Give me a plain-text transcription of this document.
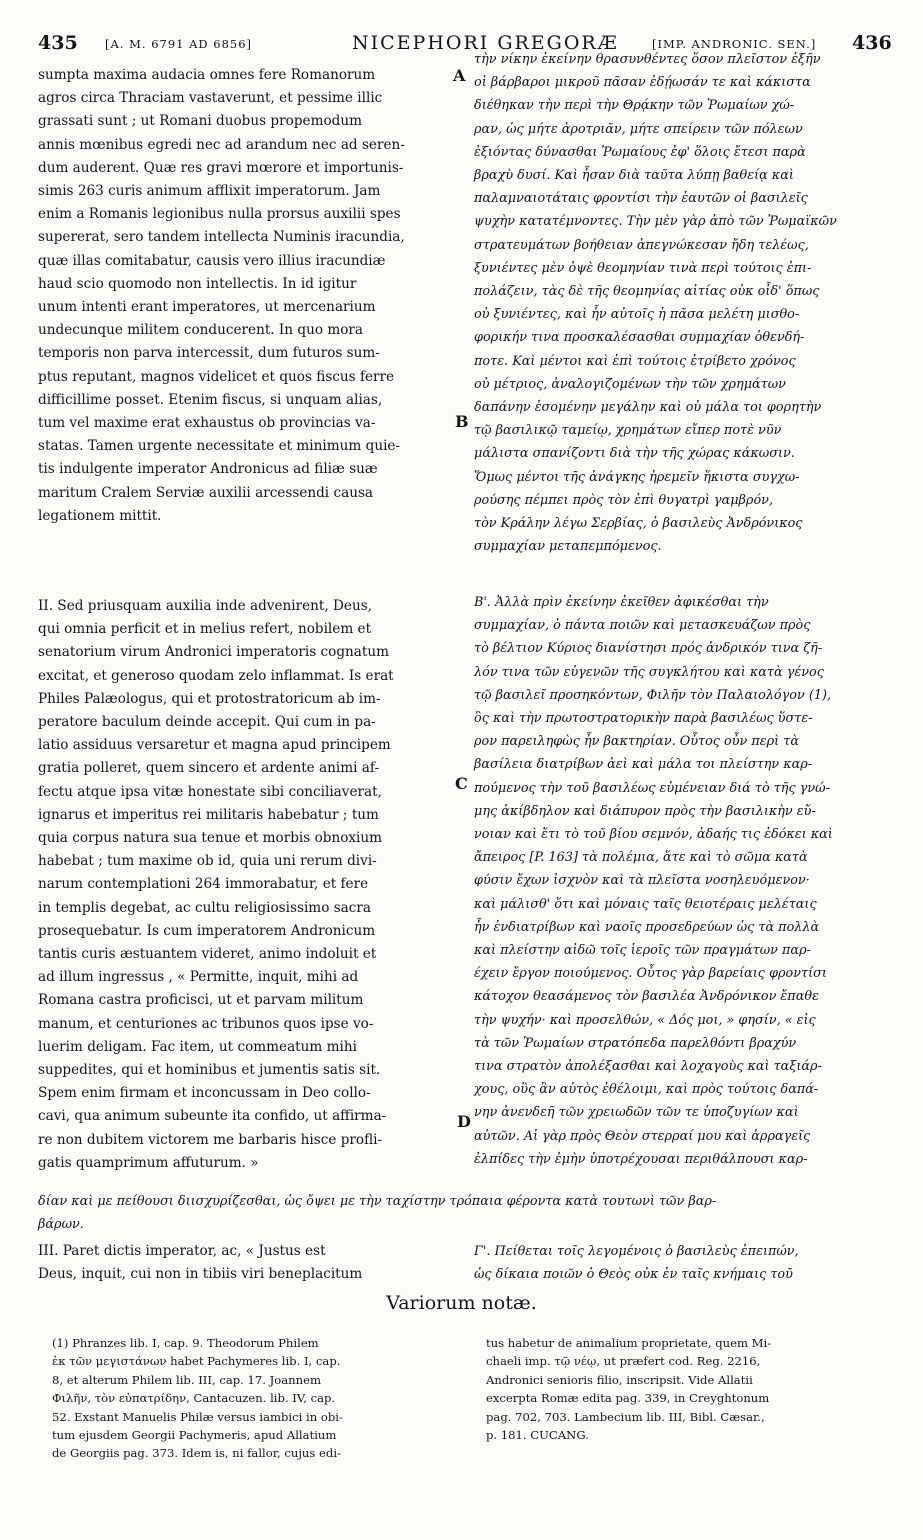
435 [A. M. 6791 AD 6856]	NICEPHORI GREGORÆ	[IMP. ANDRONIC. SEN.] 436
sumpta maxima audacia omnes fere Romanorum
agros circa Thraciam vastaverunt, et pessime illic
grassati sunt ; ut Romani duobus propemodum
annis mœnibus egredi nec ad arandum nec ad seren-
dum auderent. Quæ res gravi mœrore et importunis-
simis 263 curis animum afflixit imperatorum. Jam
enim a Romanis legionibus nulla prorsus auxilii spes
supererat, sero tandem intellecta Numinis iracundia,
quæ illas comitabatur, causis vero illius iracundiæ
haud scio quomodo non intellectis. In id igitur
unum intenti erant imperatores, ut mercenarium
undecunque militem conducerent. In quo mora
temporis non parva intercessit, dum futuros sum-
ptus reputant, magnos videlicet et quos fiscus ferre
difficillime posset. Etenim fiscus, si unquam alias,
tum vel maxime erat exhaustus ob provincias va-
statas. Tamen urgente necessitate et minimum quie-
tis indulgente imperator Andronicus ad filiæ suæ
maritum Cralem Serviæ auxilii arcessendi causa
legationem mittit.
II. Sed priusquam auxilia inde advenirent, Deus,
qui omnia perficit et in melius refert, nobilem et
senatorium virum Andronici imperatoris cognatum
excitat, et generoso quodam zelo inflammat. Is erat
Philes Palæologus, qui et protostratoricum ab im-
peratore baculum deinde accepit. Qui cum in pa-
latio assiduus versaretur et magna apud principem
gratia polleret, quem sincero et ardente animi af-
fectu atque ipsa vitæ honestate sibi conciliaverat,
ignarus et imperitus rei militaris habebatur ; tum
quia corpus natura sua tenue et morbis obnoxium
habebat ; tum maxime ob id, quia uni rerum divi-
narum contemplationi 264 immorabatur, et fere
in templis degebat, ac cultu religiosissimo sacra
prosequebatur. Is cum imperatorem Andronicum
tantis curis æstuantem videret, animo indoluit et
ad illum ingressus , « Permitte, inquit, mihi ad
Romana castra proficisci, ut et parvam militum
manum, et centuriones ac tribunos quos ipse vo-
luerim deligam. Fac item, ut commeatum mihi
suppedites, qui et hominibus et jumentis satis sit.
Spem enim firmam et inconcussam in Deo collo-
cavi, qua animum subeunte ita confido, ut affirma-
re non dubitem victorem me barbaris hisce profli-
gatis quamprimum affuturum. »
III. Paret dictis imperator, ac, « Justus est
Deus, inquit, cui non in tibiis viri beneplacitum
τὴν νίκην ἐκείνην θρασυνθέντες ὅσον πλεῖστον ἐξῆν
οἱ βάρβαροι μικροῦ πᾶσαν ἐδῄωσάν τε καὶ κάκιστα
διέθηκαν τὴν περὶ τὴν Θρᾴκην τῶν Ῥωμαίων χώ-
ραν, ὡς μήτε ἀροτριᾶν, μήτε σπείρειν τῶν πόλεων
ἐξιόντας δύνασθαι Ῥωμαίους ἐφ' ὅλοις ἔτεσι παρὰ
βραχὺ δυσί. Καὶ ἦσαν διὰ ταῦτα λύπῃ βαθείᾳ καὶ
παλαμναιοτάταις φροντίσι τὴν ἑαυτῶν οἱ βασιλεῖς
ψυχὴν κατατέμνοντες. Τὴν μὲν γὰρ ἀπὸ τῶν Ῥωμαϊκῶν
στρατευμάτων βοήθειαν ἀπεγνώκεσαν ἤδη τελέως,
ξυνιέντες μὲν ὀψὲ θεομηνίαν τινὰ περὶ τούτοις ἐπι-
πολάζειν, τὰς δὲ τῆς θεομηνίας αἰτίας οὐκ οἶδ' ὅπως
οὐ ξυνιέντες, καὶ ἦν αὐτοῖς ἡ πᾶσα μελέτη μισθο-
φορικήν τινα προσκαλέσασθαι συμμαχίαν ὁθενδή-
ποτε. Καὶ μέντοι καὶ ἐπὶ τούτοις ἐτρίβετο χρόνος
οὐ μέτριος, ἀναλογιζομένων τὴν τῶν χρημάτων
δαπάνην ἐσομένην μεγάλην καὶ οὐ μάλα τοι φορητὴν
τῷ βασιλικῷ ταμείῳ, χρημάτων εἴπερ ποτὲ νῦν
μάλιστα σπανίζοντι διὰ τὴν τῆς χώρας κάκωσιν.
Ὅμως μέντοι τῆς ἀνάγκης ἠρεμεῖν ἥκιστα συγχω-
ρούσης πέμπει πρὸς τὸν ἐπὶ θυγατρὶ γαμβρόν,
τὸν Κράλην λέγω Σερβίας, ὁ βασιλεὺς Ἀνδρόνικος
συμμαχίαν μεταπεμπόμενος.
Β'. Ἀλλὰ πρὶν ἐκείνην ἐκεῖθεν ἀφικέσθαι τὴν
συμμαχίαν, ὁ πάντα ποιῶν καὶ μετασκευάζων πρὸς
τὸ βέλτιον Κύριος διανίστησι πρός ἀνδρικόν τινα ζῆ-
λόν τινα τῶν εὐγενῶν τῆς συγκλήτου καὶ κατὰ γένος
τῷ βασιλεῖ προσηκόντων, Φιλῆν τὸν Παλαιολόγον (1),
ὃς καὶ τὴν πρωτοστρατορικὴν παρὰ βασιλέως ὕστε-
ρον παρειληφὼς ἦν βακτηρίαν. Οὗτος οὖν περὶ τὰ
βασίλεια διατρίβων ἀεὶ καὶ μάλα τοι πλείστην καρ-
πούμενος τὴν τοῦ βασιλέως εὐμένειαν διά τὸ τῆς γνώ-
μης ἀκίβδηλον καὶ διάπυρον πρὸς τὴν βασιλικὴν εὔ-
νοιαν καὶ ἔτι τὸ τοῦ βίου σεμνόν, ἀδαής τις ἐδόκει καὶ
ἄπειρος [P. 163] τὰ πολέμια, ἅτε καὶ τὸ σῶμα κατὰ
φύσιν ἔχων ἰσχνὸν καὶ τὰ πλεῖστα νοσηλευόμενον·
καὶ μάλισθ' ὅτι καὶ μόναις ταῖς θειοτέραις μελέταις
ἦν ἐνδιατρίβων καὶ ναοῖς προσεδρεύων ὡς τὰ πολλὰ
καὶ πλείστην αἰδῶ τοῖς ἱεροῖς τῶν πραγμάτων παρ-
έχειν ἔργον ποιούμενος. Οὗτος γὰρ βαρείαις φροντίσι
κάτοχον θεασάμενος τὸν βασιλέα Ἀνδρόνικον ἔπαθε
τὴν ψυχήν· καὶ προσελθών, « Δός μοι, » φησίν, « εἰς
τὰ τῶν Ῥωμαίων στρατόπεδα παρελθόντι βραχύν
τινα στρατὸν ἀπολέξασθαι καὶ λοχαγοὺς καὶ ταξιάρ-
χους, οὓς ἂν αὐτὸς ἐθέλοιμι, καὶ πρὸς τούτοις δαπά-
νην ἀνενδεῆ τῶν χρειωδῶν τῶν τε ὑποζυγίων καὶ
αὐτῶν. Αἱ γὰρ πρὸς Θεὸν στερραί μου καὶ ἀρραγεῖς
ἐλπίδες τὴν ἐμὴν ὑποτρέχουσαι περιθάλπουσι καρ-
δίαν καὶ με πείθουσι διισχυρίζεσθαι, ὡς ὄψει με τὴν ταχίστην τρόπαια φέροντα κατὰ τουτωνὶ τῶν βαρ-
βάρων.
Γ'. Πείθεται τοῖς λεγομένοις ὁ βασιλεὺς ἐπειπών,
ὡς δίκαια ποιῶν ὁ Θεὸς οὐκ ἐν ταῖς κνήμαις τοῦ
A
B
C
D
Variorum notæ.
(1) Phranzes lib. I, cap. 9. Theodorum Philem
ἐκ τῶν μεγιστάνων habet Pachymeres lib. I, cap.
8, et alterum Philem lib. III, cap. 17. Joannem
Φιλῆν, τὸν εὐπατρίδην, Cantacuzen. lib. IV, cap.
52. Exstant Manuelis Philæ versus iambici in obi-
tum ejusdem Georgii Pachymeris, apud Allatium
de Georgiis pag. 373. Idem is, ni fallor, cujus edi-
tus habetur de animalium proprietate, quem Mi-
chaeli imp. τῷ νέῳ, ut præfert cod. Reg. 2216,
Andronici senioris filio, inscripsit. Vide Allatii
excerpta Romæ edita pag. 339, in Creyghtonum
pag. 702, 703. Lambecium lib. III, Bibl. Cæsar.,
p. 181. CUCANG.
